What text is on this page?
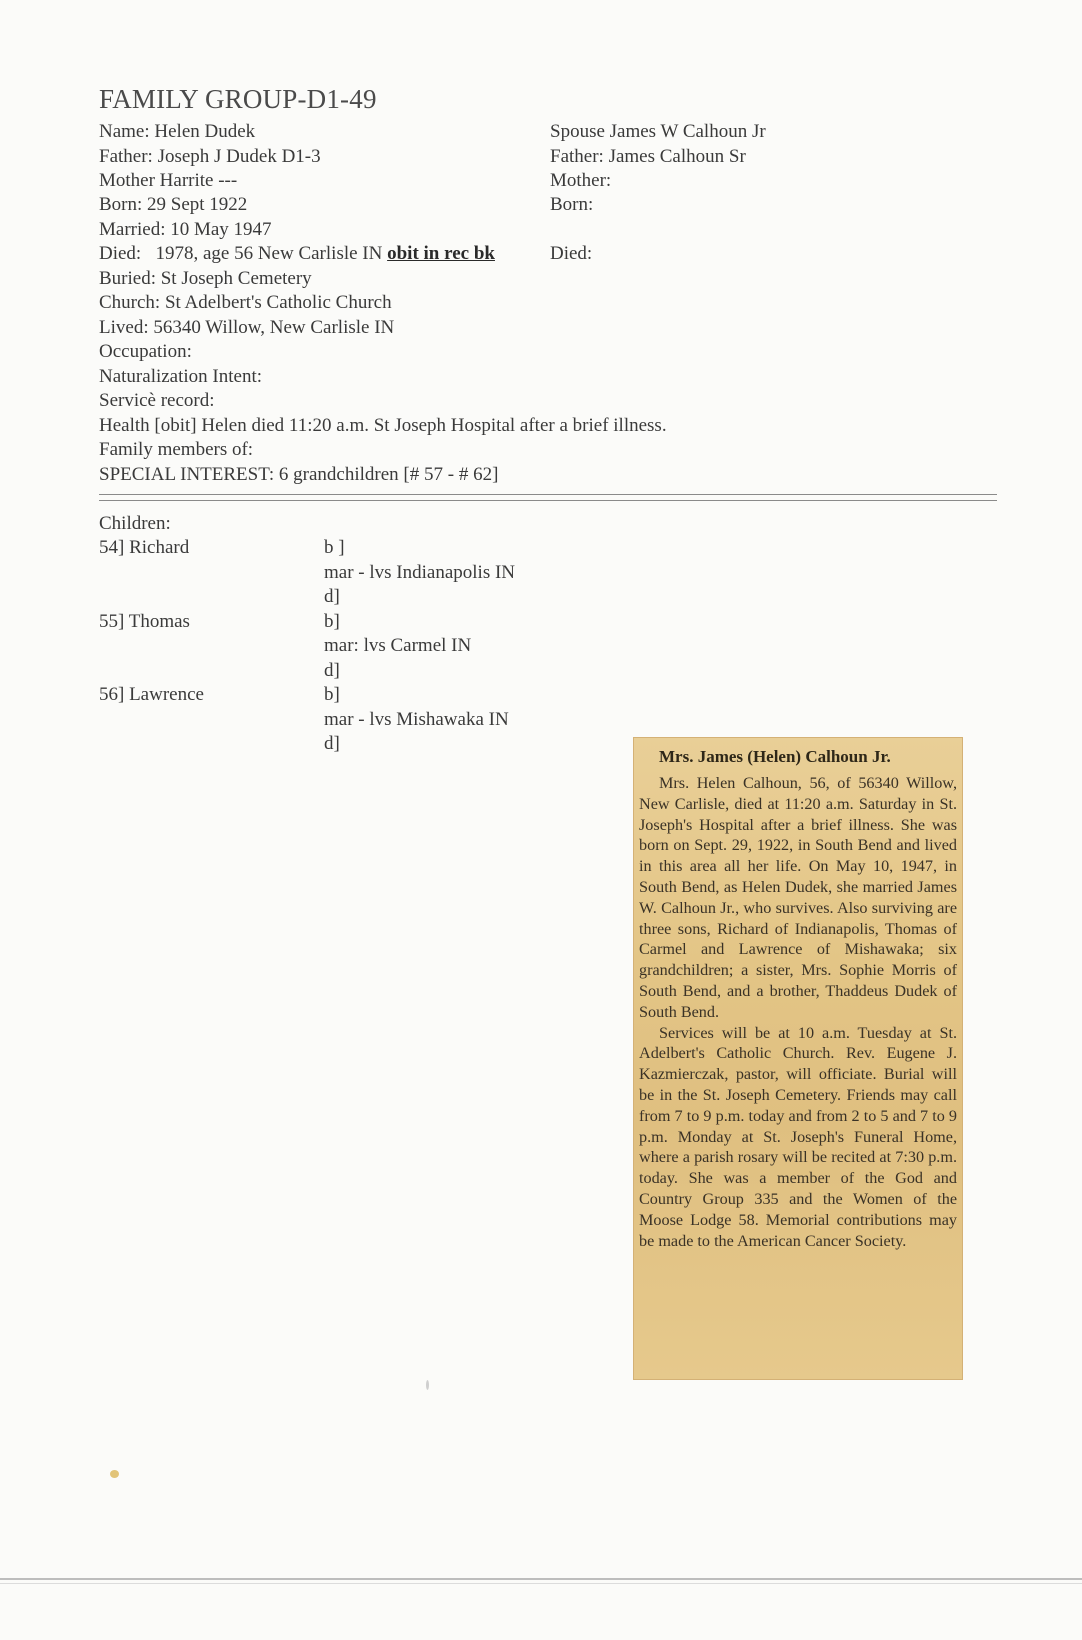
FAMILY GROUP-D1-49
Name: Helen Dudek
Father: Joseph J Dudek D1-3
Mother Harrite ---
Born: 29 Sept 1922
Married: 10 May 1947
Died:   1978, age 56 New Carlisle IN obit in rec bk
Buried: St Joseph Cemetery
Church: St Adelbert's Catholic Church
Lived: 56340 Willow, New Carlisle IN
Occupation:
Naturalization Intent:
Servicè record:
Health [obit] Helen died 11:20 a.m. St Joseph Hospital after a brief illness.
Family members of:
SPECIAL INTEREST: 6 grandchildren [# 57 - # 62]
Spouse James W Calhoun Jr
Father: James Calhoun Sr
Mother:
Born:
Died:
Children:
54] Richard	b ]
mar - lvs Indianapolis IN
d]
55] Thomas	b]
mar: lvs Carmel IN
d]
56] Lawrence	b]
mar - lvs Mishawaka IN
d]
Mrs. James (Helen) Calhoun Jr.

Mrs. Helen Calhoun, 56, of 56340 Willow, New Carlisle, died at 11:20 a.m. Saturday in St. Joseph's Hospital after a brief illness. She was born on Sept. 29, 1922, in South Bend and lived in this area all her life. On May 10, 1947, in South Bend, as Helen Dudek, she married James W. Calhoun Jr., who survives. Also surviving are three sons, Richard of Indianapolis, Thomas of Carmel and Lawrence of Mishawaka; six grandchildren; a sister, Mrs. Sophie Morris of South Bend, and a brother, Thaddeus Dudek of South Bend.

Services will be at 10 a.m. Tuesday at St. Adelbert's Catholic Church. Rev. Eugene J. Kazmierczak, pastor, will officiate. Burial will be in the St. Joseph Cemetery. Friends may call from 7 to 9 p.m. today and from 2 to 5 and 7 to 9 p.m. Monday at St. Joseph's Funeral Home, where a parish rosary will be recited at 7:30 p.m. today. She was a member of the God and Country Group 335 and the Women of the Moose Lodge 58. Memorial contributions may be made to the American Cancer Society.
